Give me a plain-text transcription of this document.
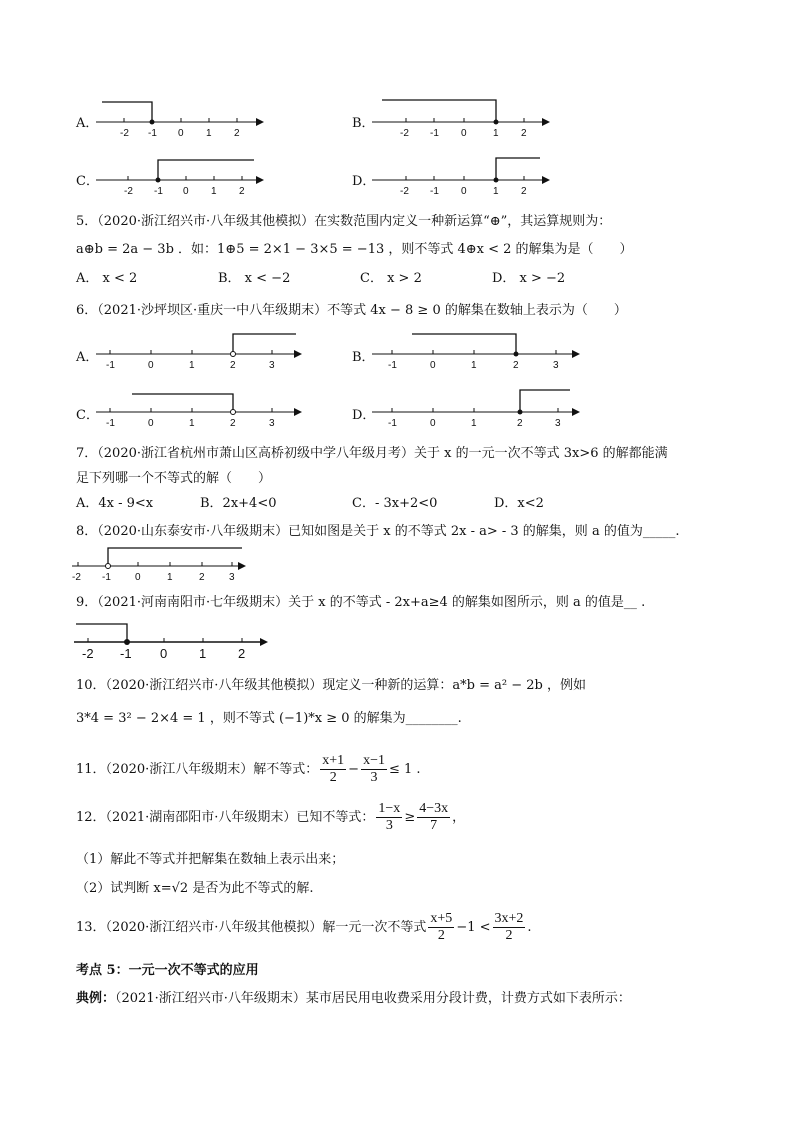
A．
-2 -1 0 1 2
B．
-2 -1 0	1 2
C．
-2 -1 0 1 2
D．
-2 -1 0	1 2
5．（2020·浙江绍兴市·八年级其他模拟）在实数范围内定义一种新运算“⊕”，其运算规则为：
a⊕b = 2a − 3b ．如：1⊕5 = 2×1 − 3×5 = −13 ，则不等式 4⊕x < 2 的解集为是（　　）
A． x < 2	B． x < −2	C． x > 2	D． x > −2
6．（2021·沙坪坝区·重庆一中八年级期末）不等式 4x − 8 ≥ 0 的解集在数轴上表示为（　　）
A．
-1	0	1	2	3
B．
-1	0	1	2	3
C．
-1	0	1	2	3
D．
-1	0	1	2	3
7．（2020·浙江省杭州市萧山区高桥初级中学八年级月考）关于 x 的一元一次不等式 3x>6 的解都能满
足下列哪一个不等式的解（　　）
A．4x - 9<x	B．2x+4<0	C．- 3x+2<0	D．x<2
8．（2020·山东泰安市·八年级期末）已知如图是关于 x 的不等式 2x - a> - 3 的解集，则 a 的值为_____.
-2 -1 0	1	2 3
9．（2021·河南南阳市·七年级期末）关于 x 的不等式 - 2x+a≥4 的解集如图所示，则 a 的值是__ .
-2 -1 0 1 2
10．（2020·浙江绍兴市·八年级其他模拟）现定义一种新的运算：a*b = a² − 2b ，例如
3*4 = 3² − 2×4 = 1 ，则不等式 (−1)*x ≥ 0 的解集为________.
11．（2020·浙江八年级期末）解不等式： $\frac{x+1}{2} - \frac{x-1}{3} \le 1$ .
12．（2021·湖南邵阳市·八年级期末）已知不等式： $\frac{1-x}{3} \ge \frac{4-3x}{7}$ ，
（1）解此不等式并把解集在数轴上表示出来；
（2）试判断 x=√2 是否为此不等式的解.
13．（2020·浙江绍兴市·八年级其他模拟）解一元一次不等式 $\frac{x+5}{2} -1 < \frac{3x+2}{2}$ .
考点 5：一元一次不等式的应用
典例：（2021·浙江绍兴市·八年级期末）某市居民用电收费采用分段计费，计费方式如下表所示：
